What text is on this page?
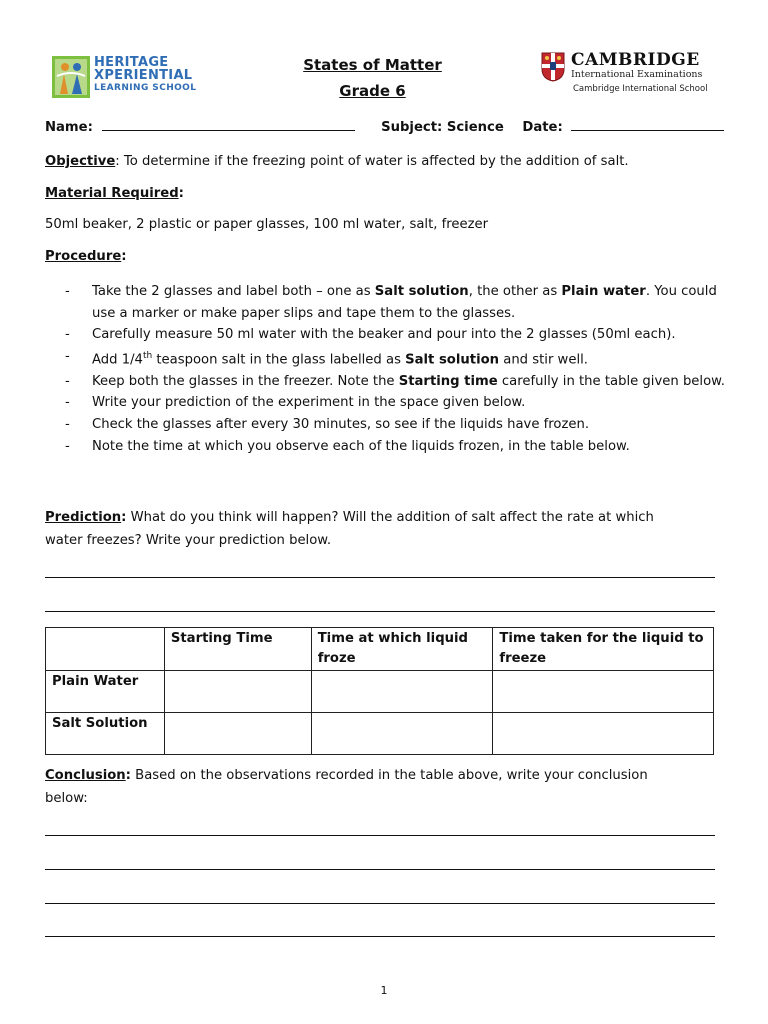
HERITAGE
XPERIENTIAL
LEARNING SCHOOL
States of Matter
Grade 6
CAMBRIDGE
International Examinations
Cambridge International School
Name:	Subject: Science Date:
Objective: To determine if the freezing point of water is affected by the addition of salt.
Material Required:
50ml beaker, 2 plastic or paper glasses, 100 ml water, salt, freezer
Procedure:
- Take the 2 glasses and label both – one as Salt solution, the other as Plain water. You could use a marker or make paper slips and tape them to the glasses.
- Carefully measure 50 ml water with the beaker and pour into the 2 glasses (50ml each).
- Add 1/4th teaspoon salt in the glass labelled as Salt solution and stir well.
- Keep both the glasses in the freezer. Note the Starting time carefully in the table given below.
- Write your prediction of the experiment in the space given below.
- Check the glasses after every 30 minutes, so see if the liquids have frozen.
- Note the time at which you observe each of the liquids frozen, in the table below.
Prediction: What do you think will happen? Will the addition of salt affect the rate at which
water freezes? Write your prediction below.
	Starting Time	Time at which liquid froze	Time taken for the liquid to freeze
Plain Water			
Salt Solution			
Conclusion: Based on the observations recorded in the table above, write your conclusion
below:
1
